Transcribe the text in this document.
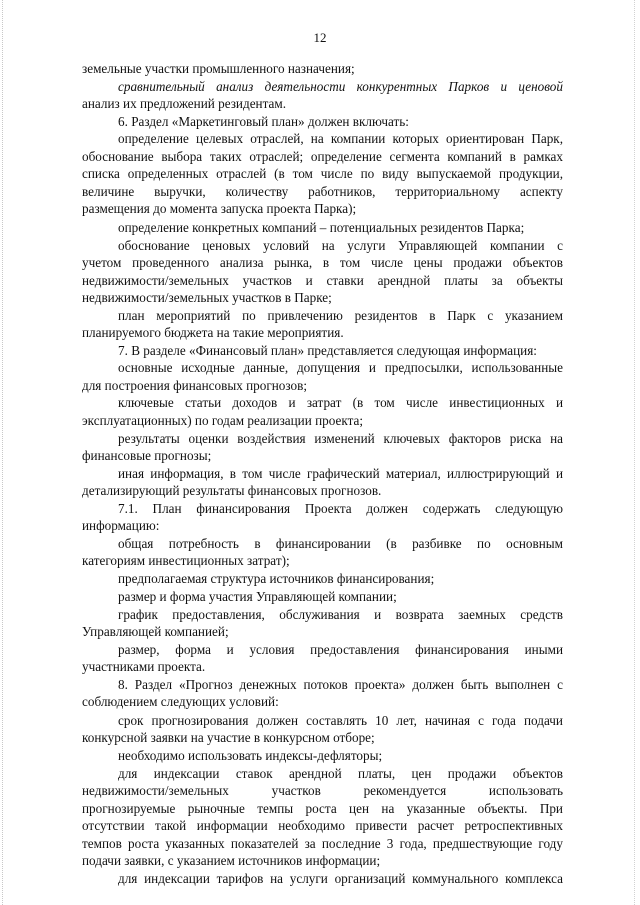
12
земельные участки промышленного назначения;
сравнительный анализ деятельности конкурентных Парков и ценовой
анализ их предложений резидентам.
6. Раздел «Маркетинговый план» должен включать:
определение целевых отраслей, на компании которых ориентирован Парк,
обоснование выбора таких отраслей; определение сегмента компаний в рамках
списка определенных отраслей (в том числе по виду выпускаемой продукции,
величине выручки, количеству работников, территориальному аспекту
размещения до момента запуска проекта Парка);
определение конкретных компаний – потенциальных резидентов Парка;
обоснование ценовых условий на услуги Управляющей компании с
учетом проведенного анализа рынка, в том числе цены продажи объектов
недвижимости/земельных участков и ставки арендной платы за объекты
недвижимости/земельных участков в Парке;
план мероприятий по привлечению резидентов в Парк с указанием
планируемого бюджета на такие мероприятия.
7. В разделе «Финансовый план» представляется следующая информация:
основные исходные данные, допущения и предпосылки, использованные
для построения финансовых прогнозов;
ключевые статьи доходов и затрат (в том числе инвестиционных и
эксплуатационных) по годам реализации проекта;
результаты оценки воздействия изменений ключевых факторов риска на
финансовые прогнозы;
иная информация, в том числе графический материал, иллюстрирующий и
детализирующий результаты финансовых прогнозов.
7.1. План финансирования Проекта должен содержать следующую
информацию:
общая потребность в финансировании (в разбивке по основным
категориям инвестиционных затрат);
предполагаемая структура источников финансирования;
размер и форма участия Управляющей компании;
график предоставления, обслуживания и возврата заемных средств
Управляющей компанией;
размер, форма и условия предоставления финансирования иными
участниками проекта.
8. Раздел «Прогноз денежных потоков проекта» должен быть выполнен с
соблюдением следующих условий:
срок прогнозирования должен составлять 10 лет, начиная с года подачи
конкурсной заявки на участие в конкурсном отборе;
необходимо использовать индексы-дефляторы;
для индексации ставок арендной платы, цен продажи объектов
недвижимости/земельных участков рекомендуется использовать
прогнозируемые рыночные темпы роста цен на указанные объекты. При
отсутствии такой информации необходимо привести расчет ретроспективных
темпов роста указанных показателей за последние 3 года, предшествующие году
подачи заявки, с указанием источников информации;
для индексации тарифов на услуги организаций коммунального комплекса
